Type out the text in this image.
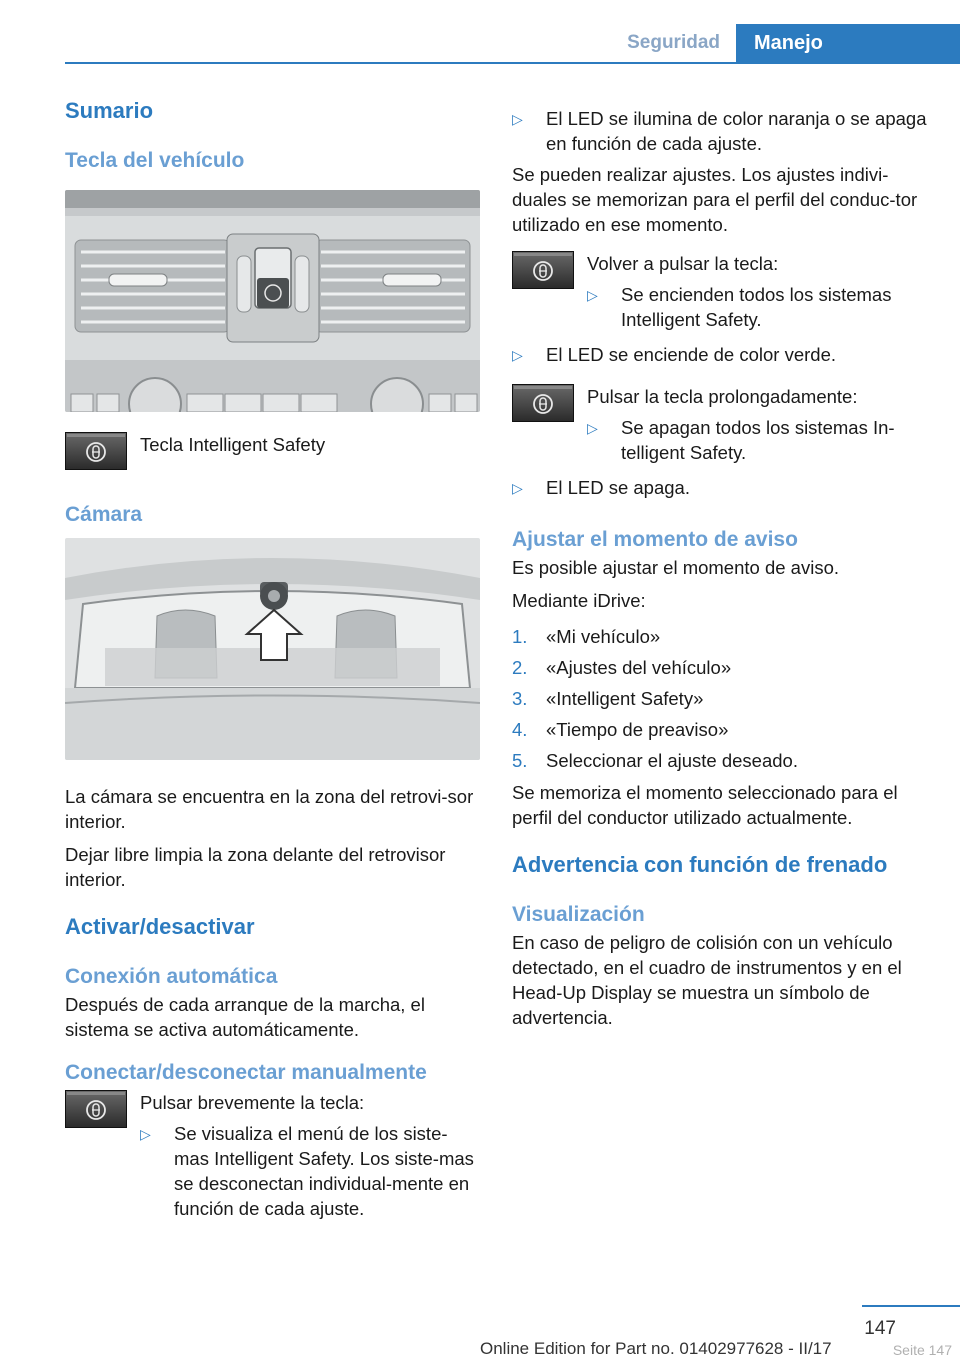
Seguridad	Manejo
Sumario
Tecla del vehículo

Tecla Intelligent Safety

Cámara

La cámara se encuentra en la zona del retrovi-sor interior.

Dejar libre limpia la zona delante del retrovisor interior.

Activar/desactivar
Conexión automática

Después de cada arranque de la marcha, el sistema se activa automáticamente.

Conectar/desconectar manualmente

Pulsar brevemente la tecla:

▷	Se visualiza el menú de los siste-mas Intelligent Safety. Los siste-mas se desconectan individual-mente en función de cada ajuste.
▷	El LED se ilumina de color naranja o se apaga en función de cada ajuste.

Se pueden realizar ajustes. Los ajustes indivi-duales se memorizan para el perfil del conduc-tor utilizado en ese momento.

Volver a pulsar la tecla:

▷	Se encienden todos los sistemas Intelligent Safety.
▷	El LED se enciende de color verde.

Pulsar la tecla prolongadamente:

▷	Se apagan todos los sistemas In-telligent Safety.
▷	El LED se apaga.
Ajustar el momento de aviso

Es posible ajustar el momento de aviso.

Mediante iDrive:

1.	«Mi vehículo»
2.	«Ajustes del vehículo»
3.	«Intelligent Safety»
4.	«Tiempo de preaviso»
5.	Seleccionar el ajuste deseado.

Se memoriza el momento seleccionado para el perfil del conductor utilizado actualmente.

Advertencia con función de frenado
Visualización

En caso de peligro de colisión con un vehículo detectado, en el cuadro de instrumentos y en el Head-Up Display se muestra un símbolo de advertencia.

147
Online Edition for Part no. 01402977628 - II/17	Seite 147
